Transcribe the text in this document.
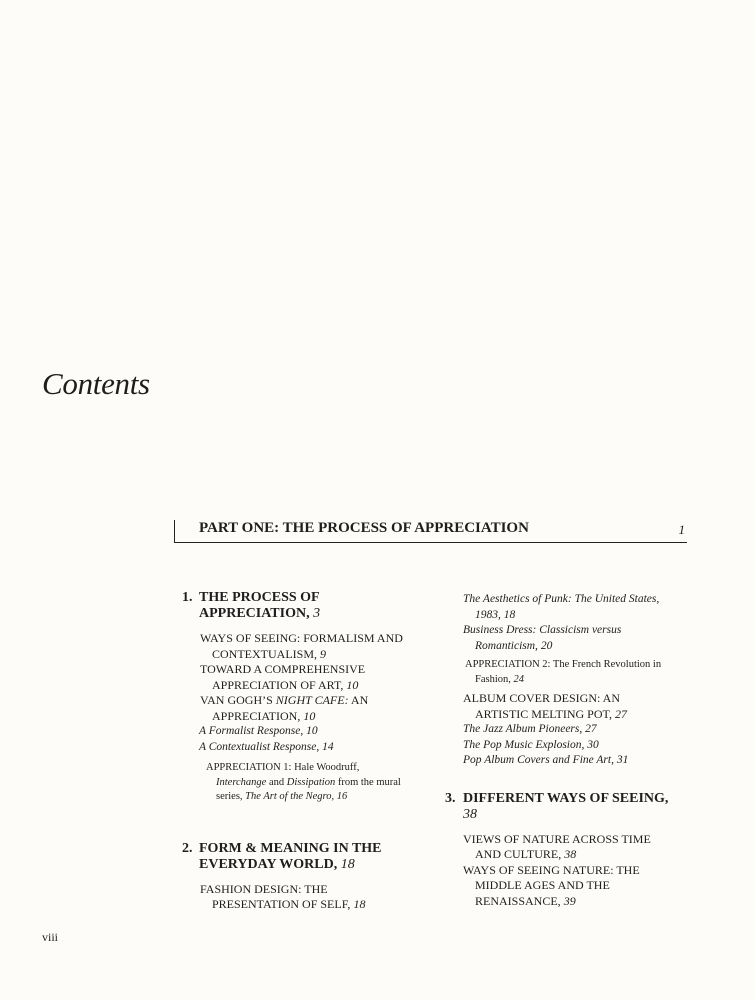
Contents
PART ONE: THE PROCESS OF APPRECIATION	1
1. THE PROCESS OF APPRECIATION, 3
WAYS OF SEEING: FORMALISM AND CONTEXTUALISM, 9
TOWARD A COMPREHENSIVE APPRECIATION OF ART, 10
VAN GOGH’S NIGHT CAFE: AN APPRECIATION, 10
A Formalist Response, 10
A Contextualist Response, 14
APPRECIATION 1: Hale Woodruff, Interchange and Dissipation from the mural series, The Art of the Negro, 16
2. FORM & MEANING IN THE EVERYDAY WORLD, 18
FASHION DESIGN: THE PRESENTATION OF SELF, 18
The Aesthetics of Punk: The United States, 1983, 18
Business Dress: Classicism versus Romanticism, 20
APPRECIATION 2: The French Revolution in Fashion, 24
ALBUM COVER DESIGN: AN ARTISTIC MELTING POT, 27
The Jazz Album Pioneers, 27
The Pop Music Explosion, 30
Pop Album Covers and Fine Art, 31
3. DIFFERENT WAYS OF SEEING, 38
VIEWS OF NATURE ACROSS TIME AND CULTURE, 38
WAYS OF SEEING NATURE: THE MIDDLE AGES AND THE RENAISSANCE, 39
viii
